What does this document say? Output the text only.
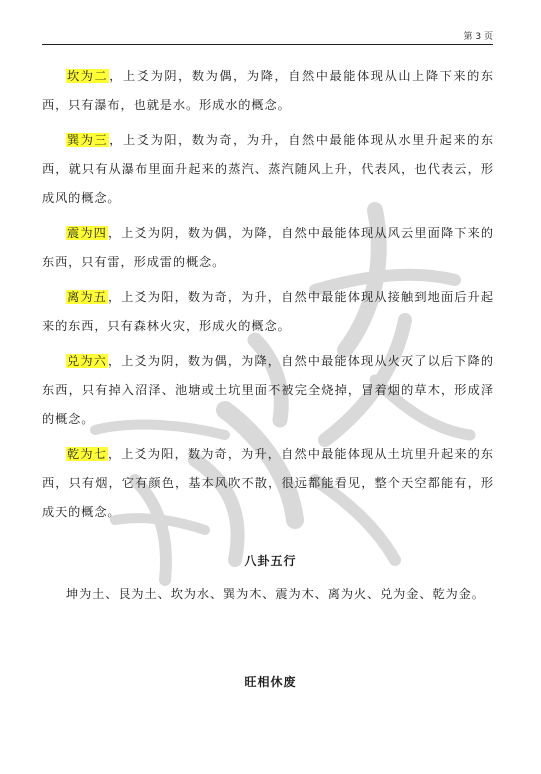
第 3 页

坎为二，上爻为阴，数为偶，为降，自然中最能体现从山上降下来的东西，只有瀑布，也就是水。形成水的概念。

巽为三，上爻为阳，数为奇，为升，自然中最能体现从水里升起来的东西，就只有从瀑布里面升起来的蒸汽、蒸汽随风上升，代表风，也代表云，形成风的概念。

震为四，上爻为阴，数为偶，为降，自然中最能体现从风云里面降下来的东西，只有雷，形成雷的概念。

离为五，上爻为阳，数为奇，为升，自然中最能体现从接触到地面后升起来的东西，只有森林火灾，形成火的概念。

兑为六，上爻为阴，数为偶，为降，自然中最能体现从火灭了以后下降的东西，只有掉入沼泽、池塘或土坑里面不被完全烧掉，冒着烟的草木，形成泽的概念。

乾为七，上爻为阳，数为奇，为升，自然中最能体现从土坑里升起来的东西，只有烟，它有颜色，基本风吹不散，很远都能看见，整个天空都能有，形成天的概念。

八卦五行
坤为土、艮为土、坎为水、巽为木、震为木、离为火、兑为金、乾为金。
旺相休废
